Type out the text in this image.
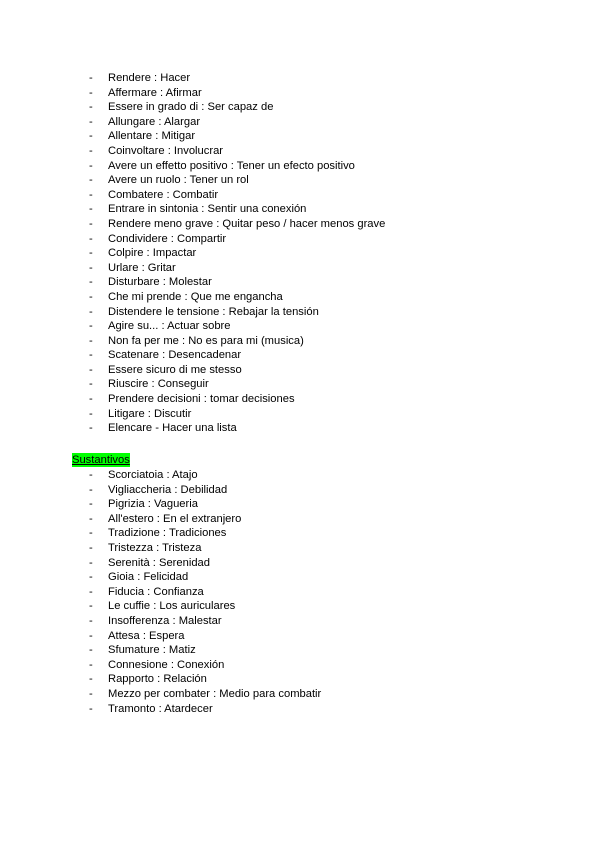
- Rendere : Hacer
- Affermare : Afirmar
- Essere in grado di : Ser capaz de
- Allungare : Alargar
- Allentare : Mitigar
- Coinvoltare : Involucrar
- Avere un effetto positivo : Tener un efecto positivo
- Avere un ruolo : Tener un rol
- Combatere : Combatir
- Entrare in sintonia : Sentir una conexión
- Rendere meno grave : Quitar peso / hacer menos grave
- Condividere : Compartir
- Colpire : Impactar
- Urlare : Gritar
- Disturbare : Molestar
- Che mi prende : Que me engancha
- Distendere le tensione : Rebajar la tensión
- Agire su... : Actuar sobre
- Non fa per me : No es para mi (musica)
- Scatenare : Desencadenar
- Essere sicuro di me stesso
- Riuscire : Conseguir
- Prendere decisioni : tomar decisiones
- Litigare : Discutir
- Elencare - Hacer una lista
Sustantivos
- Scorciatoia : Atajo
- Vigliaccheria : Debilidad
- Pigrizia : Vagueria
- All'estero : En el extranjero
- Tradizione : Tradiciones
- Tristezza : Tristeza
- Serenità : Serenidad
- Gioia : Felicidad
- Fiducia : Confianza
- Le cuffie : Los auriculares
- Insofferenza : Malestar
- Attesa : Espera
- Sfumature : Matiz
- Connesione : Conexión
- Rapporto : Relación
- Mezzo per combater : Medio para combatir
- Tramonto : Atardecer
